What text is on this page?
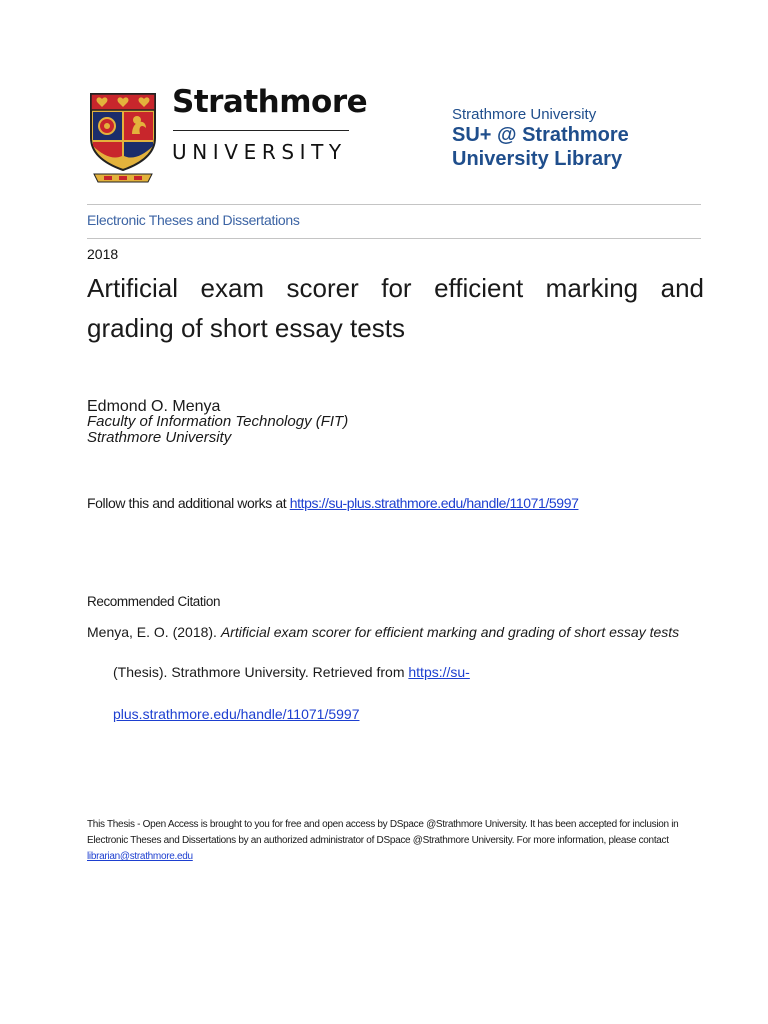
Strathmore
UNIVERSITY
Strathmore University
SU+ @ Strathmore
University Library
Electronic Theses and Dissertations
2018
Artificial exam scorer for efficient marking and grading of short essay tests
Edmond O. Menya
Faculty of Information Technology (FIT)
Strathmore University
Follow this and additional works at https://su-plus.strathmore.edu/handle/11071/5997
Recommended Citation
Menya, E. O. (2018). Artificial exam scorer for efficient marking and grading of short essay tests
(Thesis). Strathmore University. Retrieved from https://su-
plus.strathmore.edu/handle/11071/5997
This Thesis - Open Access is brought to you for free and open access by DSpace @Strathmore University. It has been accepted for inclusion in Electronic Theses and Dissertations by an authorized administrator of DSpace @Strathmore University. For more information, please contact librarian@strathmore.edu
